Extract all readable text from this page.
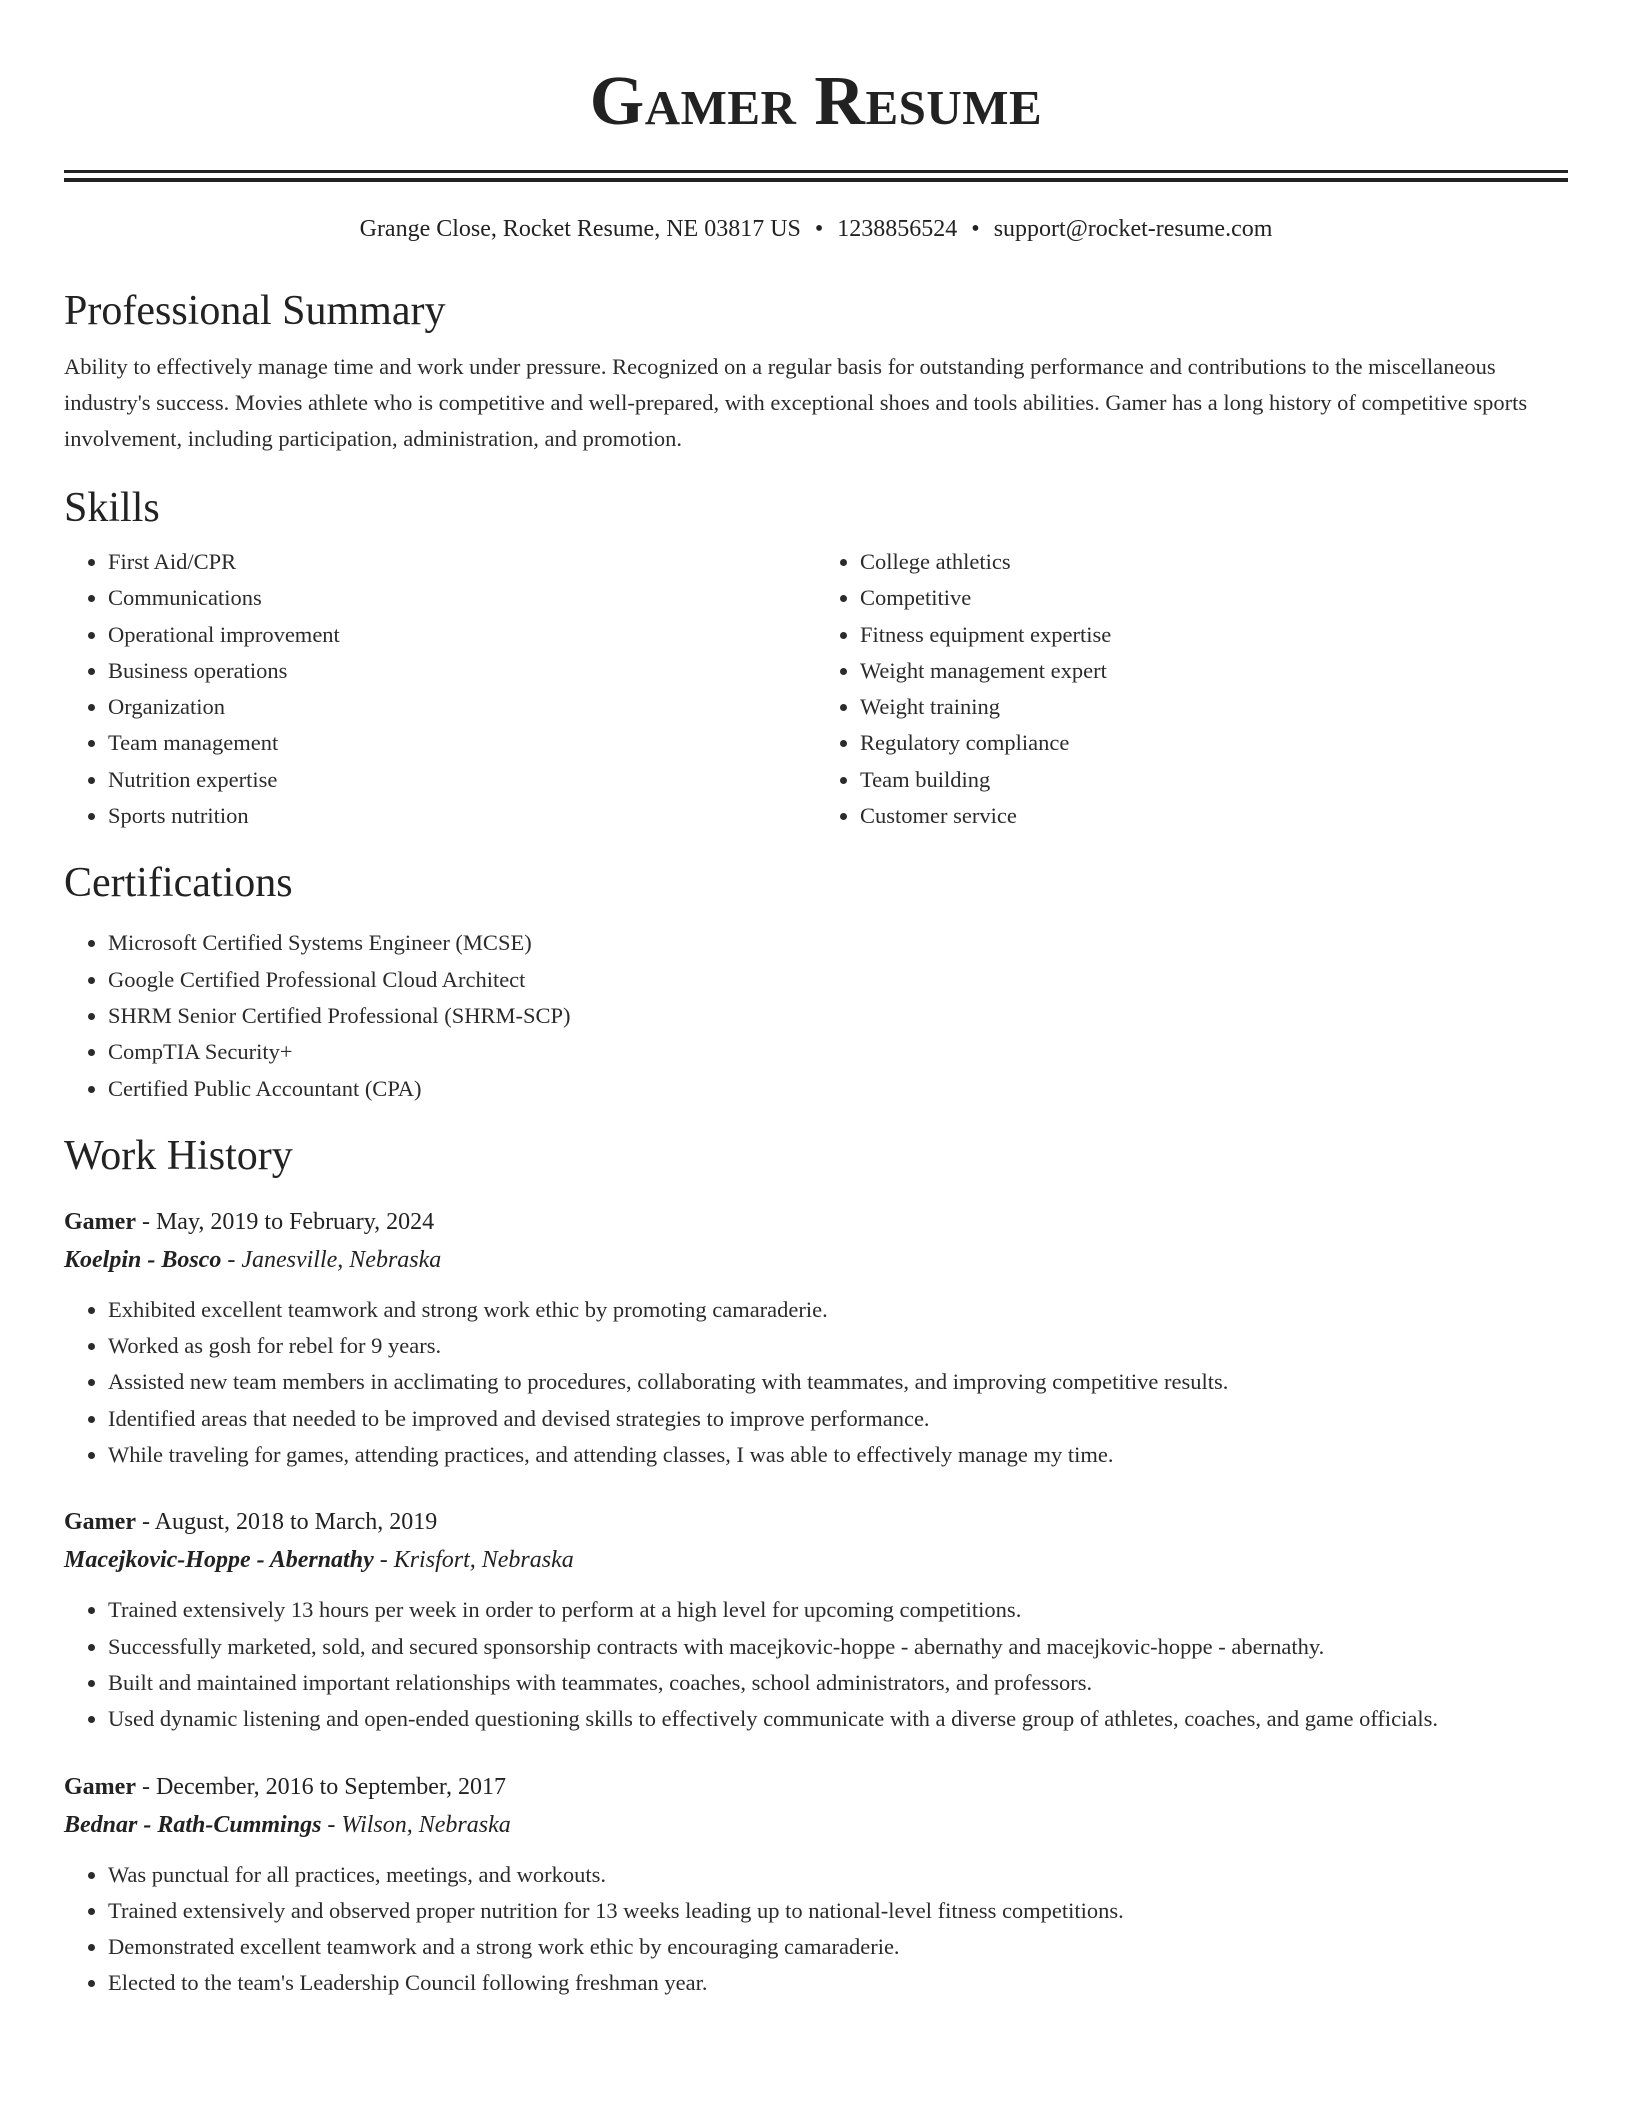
Gamer Resume
Grange Close, Rocket Resume, NE 03817 US • 1238856524 • support@rocket-resume.com
Professional Summary

Ability to effectively manage time and work under pressure. Recognized on a regular basis for outstanding performance and contributions to the miscellaneous industry's success. Movies athlete who is competitive and well-prepared, with exceptional shoes and tools abilities. Gamer has a long history of competitive sports involvement, including participation, administration, and promotion.

Skills
• First Aid/CPR
• Communications
• Operational improvement
• Business operations
• Organization
• Team management
• Nutrition expertise
• Sports nutrition
• College athletics
• Competitive
• Fitness equipment expertise
• Weight management expert
• Weight training
• Regulatory compliance
• Team building
• Customer service
Certifications
• Microsoft Certified Systems Engineer (MCSE)
• Google Certified Professional Cloud Architect
• SHRM Senior Certified Professional (SHRM-SCP)
• CompTIA Security+
• Certified Public Accountant (CPA)
Work History
Gamer - May, 2019 to February, 2024
Koelpin - Bosco - Janesville, Nebraska
• Exhibited excellent teamwork and strong work ethic by promoting camaraderie.
• Worked as gosh for rebel for 9 years.
• Assisted new team members in acclimating to procedures, collaborating with teammates, and improving competitive results.
• Identified areas that needed to be improved and devised strategies to improve performance.
• While traveling for games, attending practices, and attending classes, I was able to effectively manage my time.
Gamer - August, 2018 to March, 2019
Macejkovic-Hoppe - Abernathy - Krisfort, Nebraska
• Trained extensively 13 hours per week in order to perform at a high level for upcoming competitions.
• Successfully marketed, sold, and secured sponsorship contracts with macejkovic-hoppe - abernathy and macejkovic-hoppe - abernathy.
• Built and maintained important relationships with teammates, coaches, school administrators, and professors.
• Used dynamic listening and open-ended questioning skills to effectively communicate with a diverse group of athletes, coaches, and game officials.
Gamer - December, 2016 to September, 2017
Bednar - Rath-Cummings - Wilson, Nebraska
• Was punctual for all practices, meetings, and workouts.
• Trained extensively and observed proper nutrition for 13 weeks leading up to national-level fitness competitions.
• Demonstrated excellent teamwork and a strong work ethic by encouraging camaraderie.
• Elected to the team's Leadership Council following freshman year.
